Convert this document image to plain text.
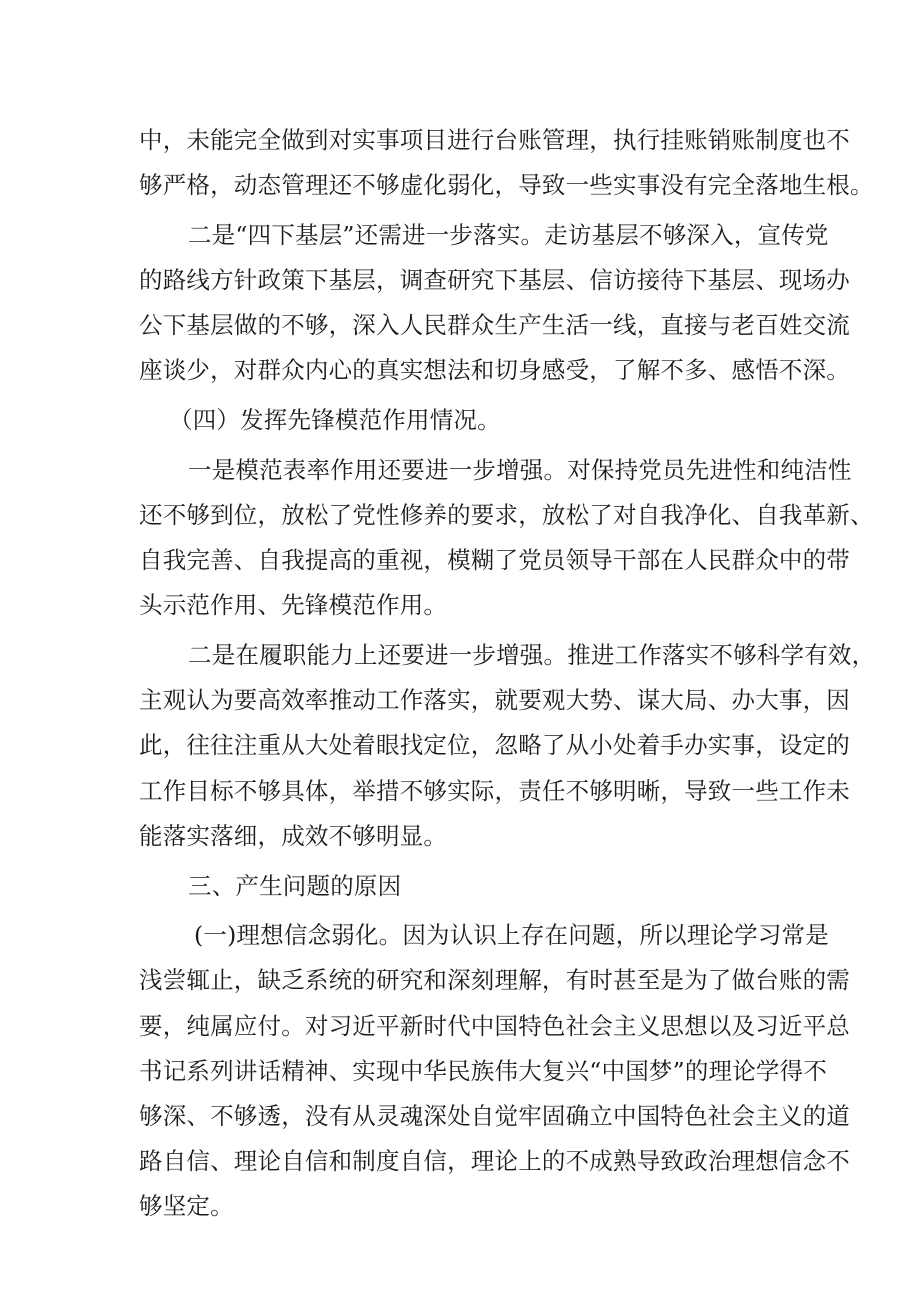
中，未能完全做到对实事项目进行台账管理，执行挂账销账制度也不
够严格，动态管理还不够虚化弱化，导致一些实事没有完全落地生根。
二是“四下基层”还需进一步落实。走访基层不够深入，宣传党
的路线方针政策下基层，调查研究下基层、信访接待下基层、现场办
公下基层做的不够，深入人民群众生产生活一线，直接与老百姓交流
座谈少，对群众内心的真实想法和切身感受，了解不多、感悟不深。
（四）发挥先锋模范作用情况。
一是模范表率作用还要进一步增强。对保持党员先进性和纯洁性
还不够到位，放松了党性修养的要求，放松了对自我净化、自我革新、
自我完善、自我提高的重视，模糊了党员领导干部在人民群众中的带
头示范作用、先锋模范作用。
二是在履职能力上还要进一步增强。推进工作落实不够科学有效，
主观认为要高效率推动工作落实，就要观大势、谋大局、办大事，因
此，往往注重从大处着眼找定位，忽略了从小处着手办实事，设定的
工作目标不够具体，举措不够实际，责任不够明晰，导致一些工作未
能落实落细，成效不够明显。
三、产生问题的原因
(一)理想信念弱化。因为认识上存在问题，所以理论学习常是
浅尝辄止，缺乏系统的研究和深刻理解，有时甚至是为了做台账的需
要，纯属应付。对习近平新时代中国特色社会主义思想以及习近平总
书记系列讲话精神、实现中华民族伟大复兴“中国梦”的理论学得不
够深、不够透，没有从灵魂深处自觉牢固确立中国特色社会主义的道
路自信、理论自信和制度自信，理论上的不成熟导致政治理想信念不
够坚定。
